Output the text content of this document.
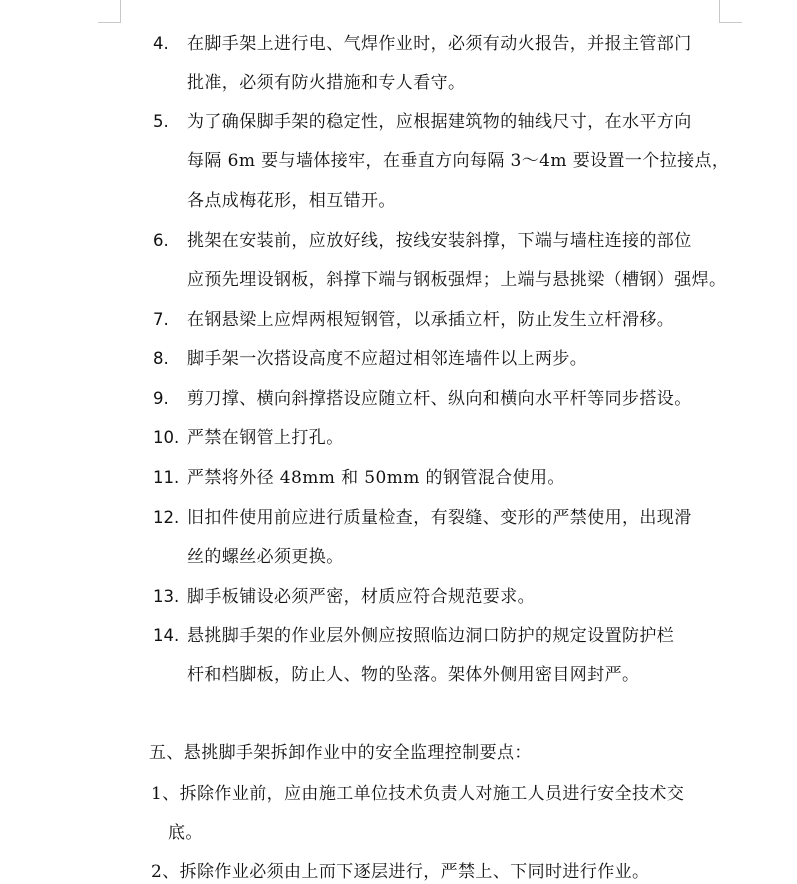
4. 在脚手架上进行电、气焊作业时，必须有动火报告，并报主管部门
批准，必须有防火措施和专人看守。
5. 为了确保脚手架的稳定性，应根据建筑物的轴线尺寸，在水平方向
每隔 6m 要与墙体接牢，在垂直方向每隔 3～4m 要设置一个拉接点，
各点成梅花形，相互错开。
6. 挑架在安装前，应放好线，按线安装斜撑，下端与墙柱连接的部位
应预先埋设钢板，斜撑下端与钢板强焊；上端与悬挑梁（槽钢）强焊。
7. 在钢悬梁上应焊两根短钢管，以承插立杆，防止发生立杆滑移。
8. 脚手架一次搭设高度不应超过相邻连墙件以上两步。
9. 剪刀撑、横向斜撑搭设应随立杆、纵向和横向水平杆等同步搭设。
10. 严禁在钢管上打孔。
11. 严禁将外径 48mm 和 50mm 的钢管混合使用。
12. 旧扣件使用前应进行质量检查，有裂缝、变形的严禁使用，出现滑
丝的螺丝必须更换。
13. 脚手板铺设必须严密，材质应符合规范要求。
14. 悬挑脚手架的作业层外侧应按照临边洞口防护的规定设置防护栏
杆和档脚板，防止人、物的坠落。架体外侧用密目网封严。
五、悬挑脚手架拆卸作业中的安全监理控制要点：
1、拆除作业前，应由施工单位技术负责人对施工人员进行安全技术交
底。
2、拆除作业必须由上而下逐层进行，严禁上、下同时进行作业。
